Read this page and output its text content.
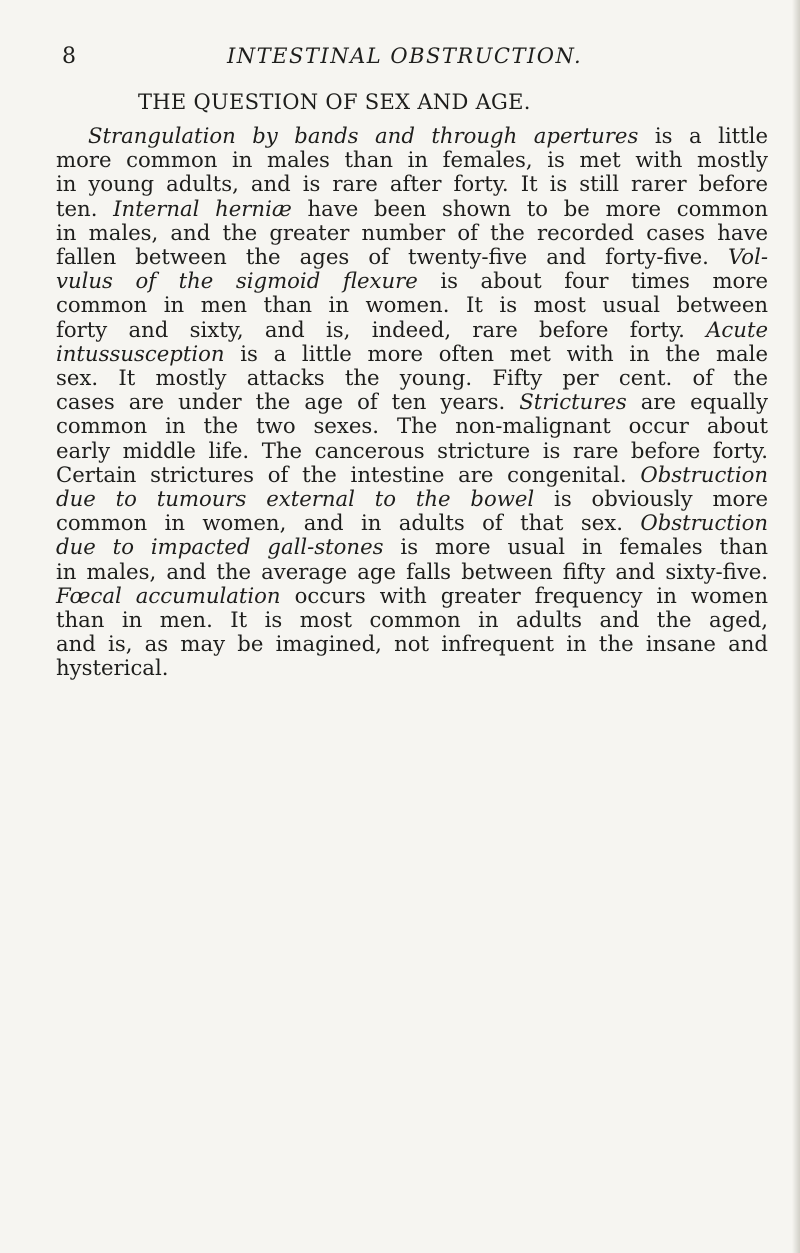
8	INTESTINAL OBSTRUCTION.
THE QUESTION OF SEX AND AGE.
Strangulation by bands and through apertures is a little
more common in males than in females, is met with mostly
in young adults, and is rare after forty. It is still rarer before
ten. Internal herniæ have been shown to be more common
in males, and the greater number of the recorded cases have
fallen between the ages of twenty-five and forty-five. Vol-
vulus of the sigmoid flexure is about four times more
common in men than in women. It is most usual between
forty and sixty, and is, indeed, rare before forty. Acute
intussusception is a little more often met with in the male
sex. It mostly attacks the young. Fifty per cent. of the
cases are under the age of ten years. Strictures are equally
common in the two sexes. The non-malignant occur about
early middle life. The cancerous stricture is rare before forty.
Certain strictures of the intestine are congenital. Obstruction
due to tumours external to the bowel is obviously more
common in women, and in adults of that sex. Obstruction
due to impacted gall-stones is more usual in females than
in males, and the average age falls between fifty and sixty-five.
Fœcal accumulation occurs with greater frequency in women
than in men. It is most common in adults and the aged,
and is, as may be imagined, not infrequent in the insane and
hysterical.
